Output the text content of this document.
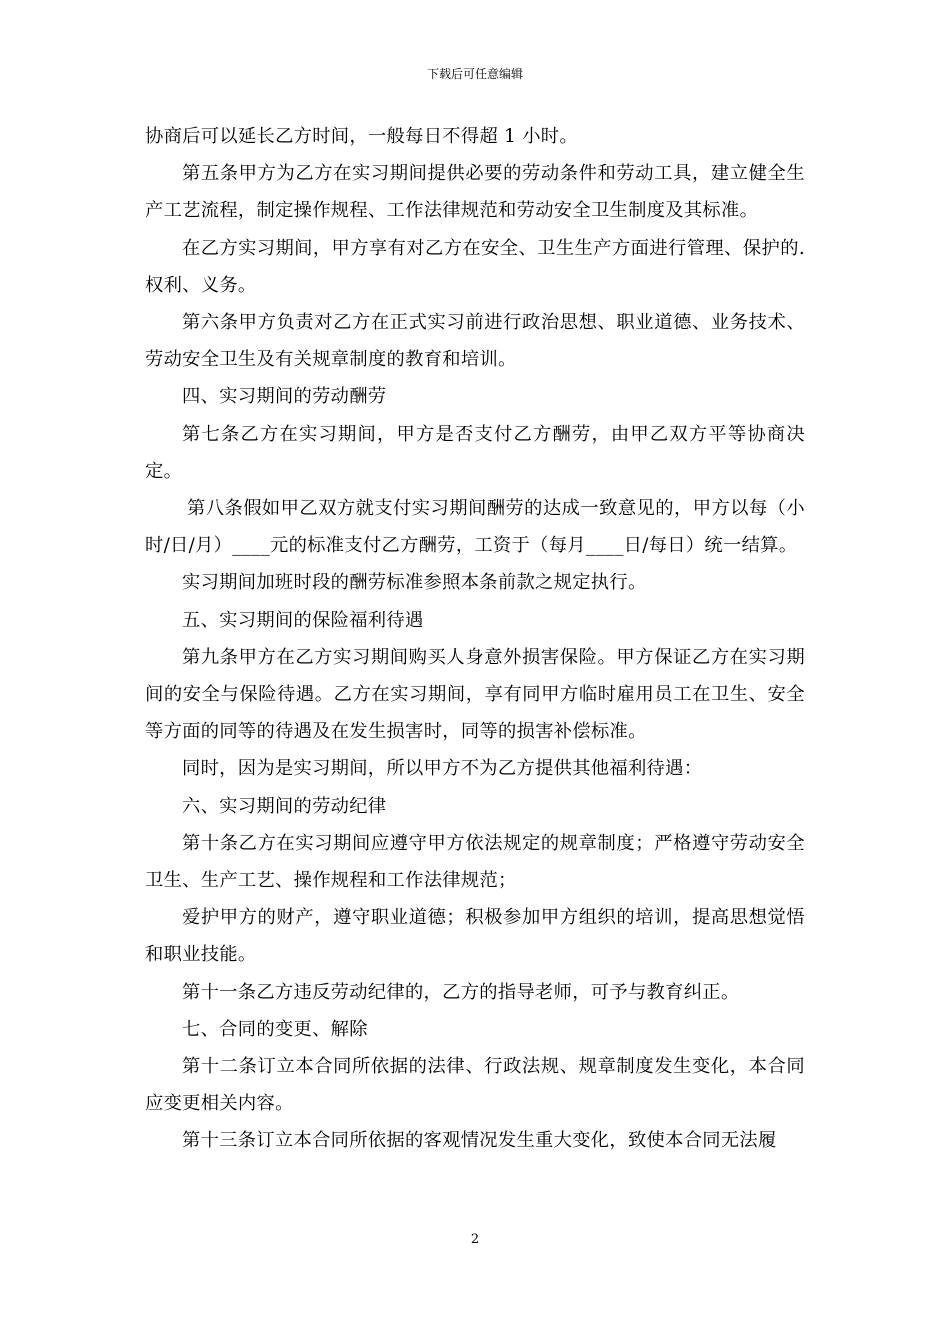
下载后可任意编辑

协商后可以延长乙方时间，一般每日不得超 1 小时。

第五条甲方为乙方在实习期间提供必要的劳动条件和劳动工具，建立健全生产工艺流程，制定操作规程、工作法律规范和劳动安全卫生制度及其标准。

在乙方实习期间，甲方享有对乙方在安全、卫生生产方面进行管理、保护的. 权利、义务。

第六条甲方负责对乙方在正式实习前进行政治思想、职业道德、业务技术、劳动安全卫生及有关规章制度的教育和培训。

四、实习期间的劳动酬劳

第七条乙方在实习期间，甲方是否支付乙方酬劳，由甲乙双方平等协商决定。

第八条假如甲乙双方就支付实习期间酬劳的达成一致意见的，甲方以每（小时/日/月）____元的标准支付乙方酬劳，工资于（每月____日/每日）统一结算。

实习期间加班时段的酬劳标准参照本条前款之规定执行。

五、实习期间的保险福利待遇

第九条甲方在乙方实习期间购买人身意外损害保险。甲方保证乙方在实习期间的安全与保险待遇。乙方在实习期间，享有同甲方临时雇用员工在卫生、安全等方面的同等的待遇及在发生损害时，同等的损害补偿标准。

同时，因为是实习期间，所以甲方不为乙方提供其他福利待遇：

六、实习期间的劳动纪律

第十条乙方在实习期间应遵守甲方依法规定的规章制度；严格遵守劳动安全卫生、生产工艺、操作规程和工作法律规范；

爱护甲方的财产，遵守职业道德；积极参加甲方组织的培训，提高思想觉悟和职业技能。

第十一条乙方违反劳动纪律的，乙方的指导老师，可予与教育纠正。

七、合同的变更、解除

第十二条订立本合同所依据的法律、行政法规、规章制度发生变化，本合同应变更相关内容。

第十三条订立本合同所依据的客观情况发生重大变化，致使本合同无法履

2
